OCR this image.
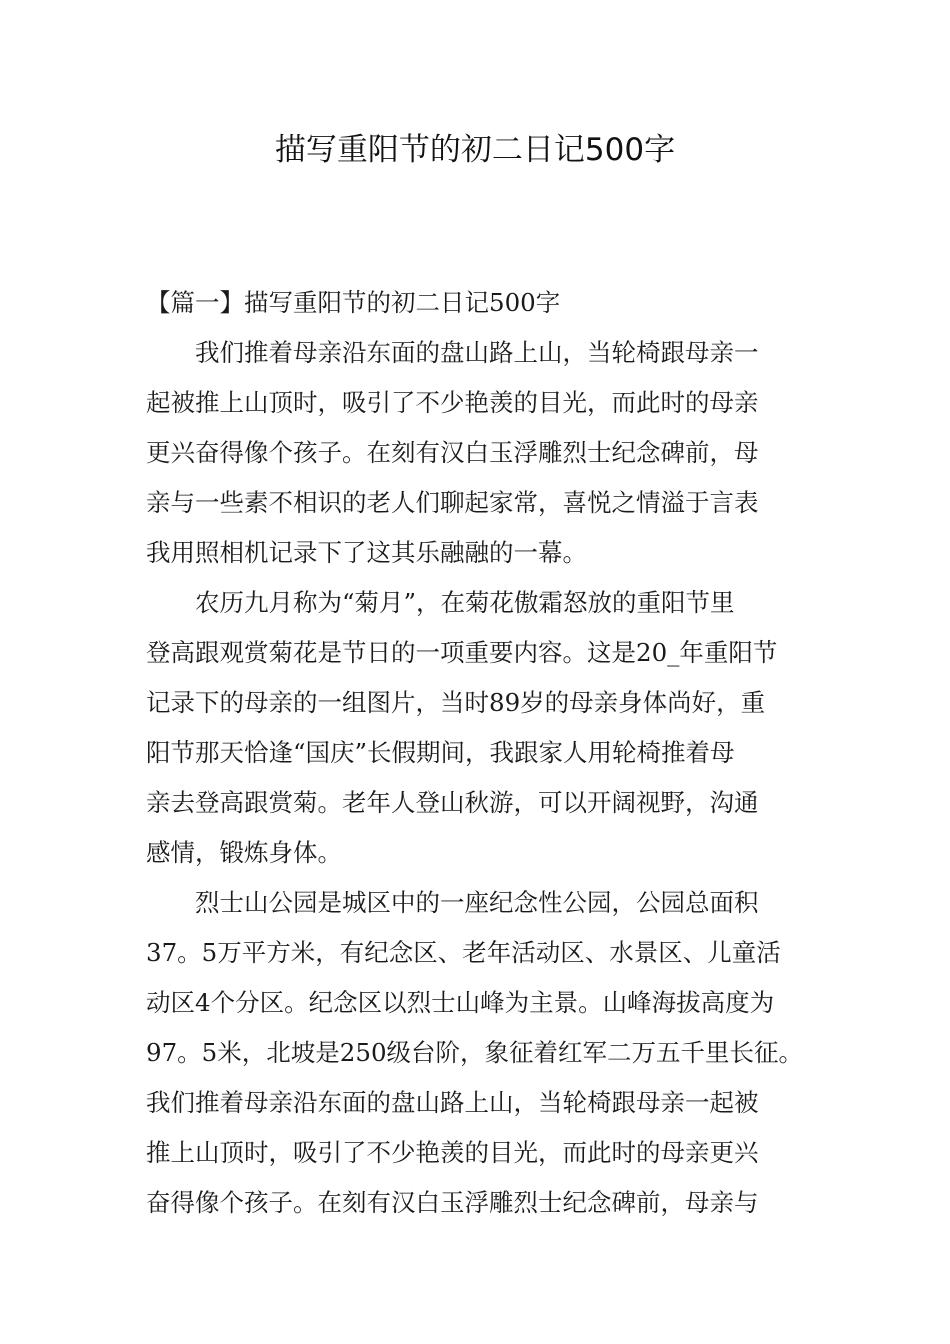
描写重阳节的初二日记500字
【篇一】描写重阳节的初二日记500字
我们推着母亲沿东面的盘山路上山，当轮椅跟母亲一
起被推上山顶时，吸引了不少艳羡的目光，而此时的母亲
更兴奋得像个孩子。在刻有汉白玉浮雕烈士纪念碑前，母
亲与一些素不相识的老人们聊起家常，喜悦之情溢于言表
我用照相机记录下了这其乐融融的一幕。
农历九月称为“菊月”，在菊花傲霜怒放的重阳节里
登高跟观赏菊花是节日的一项重要内容。这是20_年重阳节
记录下的母亲的一组图片，当时89岁的母亲身体尚好，重
阳节那天恰逢“国庆”长假期间，我跟家人用轮椅推着母
亲去登高跟赏菊。老年人登山秋游，可以开阔视野，沟通
感情，锻炼身体。
烈士山公园是城区中的一座纪念性公园，公园总面积
37。5万平方米，有纪念区、老年活动区、水景区、儿童活
动区4个分区。纪念区以烈士山峰为主景。山峰海拔高度为
97。5米，北坡是250级台阶，象征着红军二万五千里长征。
我们推着母亲沿东面的盘山路上山，当轮椅跟母亲一起被
推上山顶时，吸引了不少艳羡的目光，而此时的母亲更兴
奋得像个孩子。在刻有汉白玉浮雕烈士纪念碑前，母亲与
